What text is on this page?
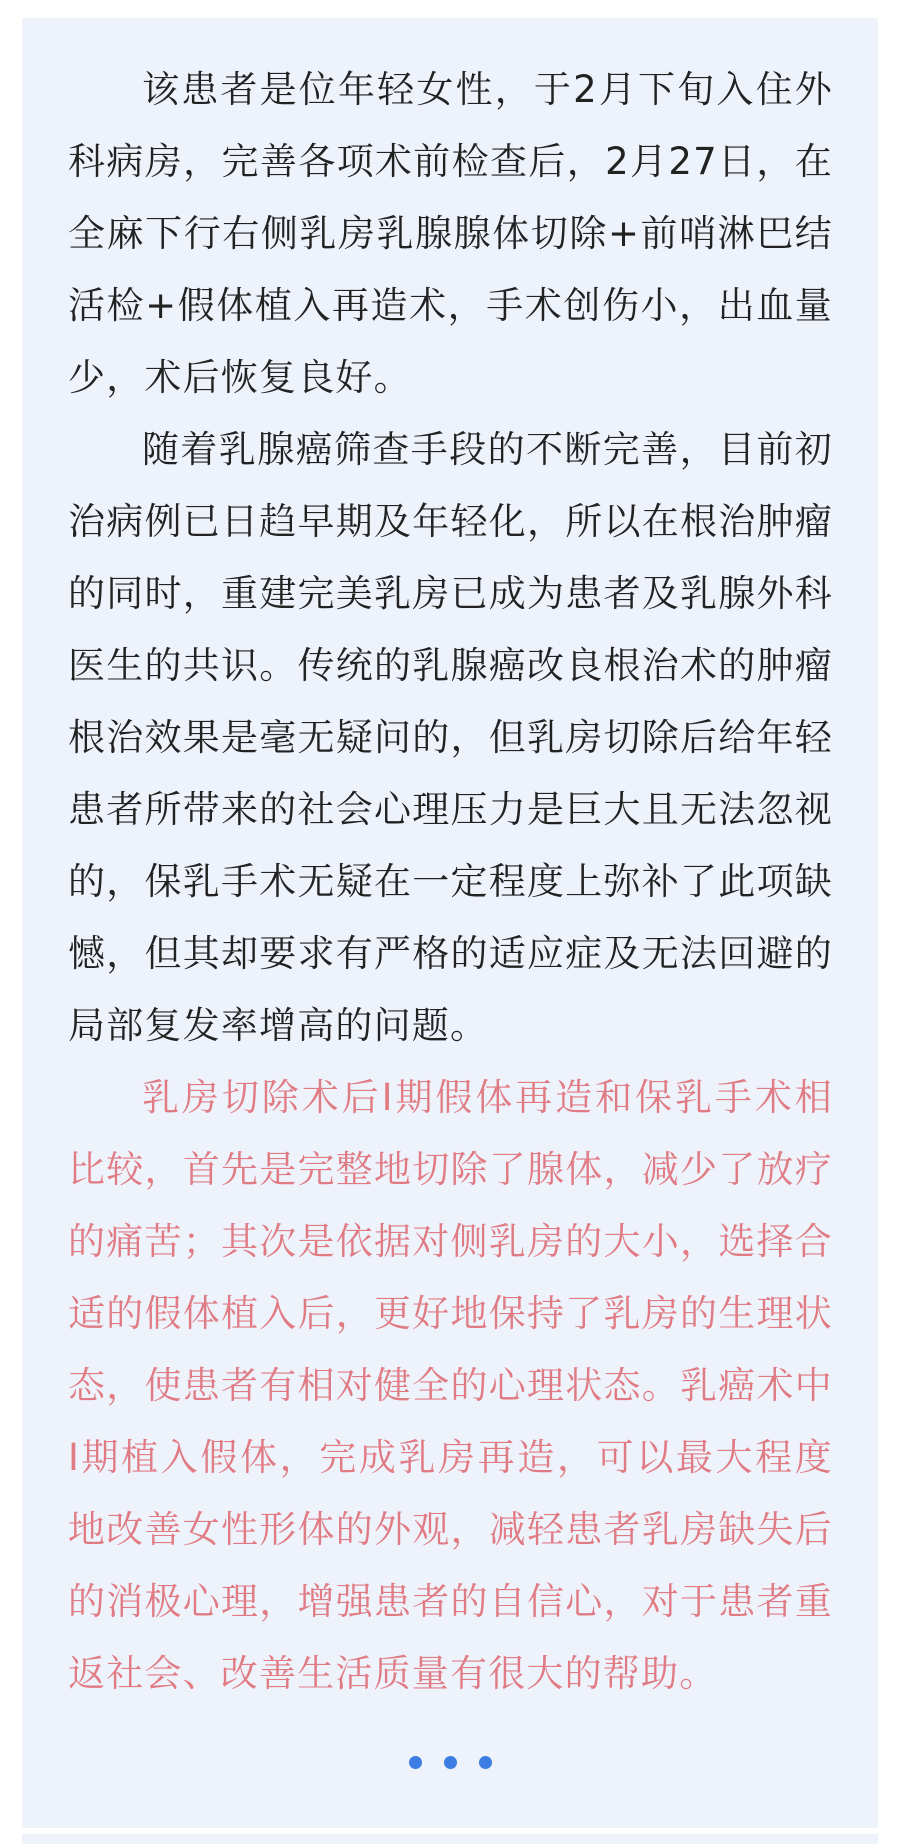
该患者是位年轻女性，于2月下旬入住外科病房，完善各项术前检查后，2月27日，在全麻下行右侧乳房乳腺腺体切除+前哨淋巴结活检+假体植入再造术，手术创伤小，出血量少，术后恢复良好。

随着乳腺癌筛查手段的不断完善，目前初治病例已日趋早期及年轻化，所以在根治肿瘤的同时，重建完美乳房已成为患者及乳腺外科医生的共识。传统的乳腺癌改良根治术的肿瘤根治效果是毫无疑问的，但乳房切除后给年轻患者所带来的社会心理压力是巨大且无法忽视的，保乳手术无疑在一定程度上弥补了此项缺憾，但其却要求有严格的适应症及无法回避的局部复发率增高的问题。

乳房切除术后Ⅰ期假体再造和保乳手术相比较，首先是完整地切除了腺体，减少了放疗的痛苦；其次是依据对侧乳房的大小，选择合适的假体植入后，更好地保持了乳房的生理状态，使患者有相对健全的心理状态。乳癌术中Ⅰ期植入假体，完成乳房再造，可以最大程度地改善女性形体的外观，减轻患者乳房缺失后的消极心理，增强患者的自信心，对于患者重返社会、改善生活质量有很大的帮助。
